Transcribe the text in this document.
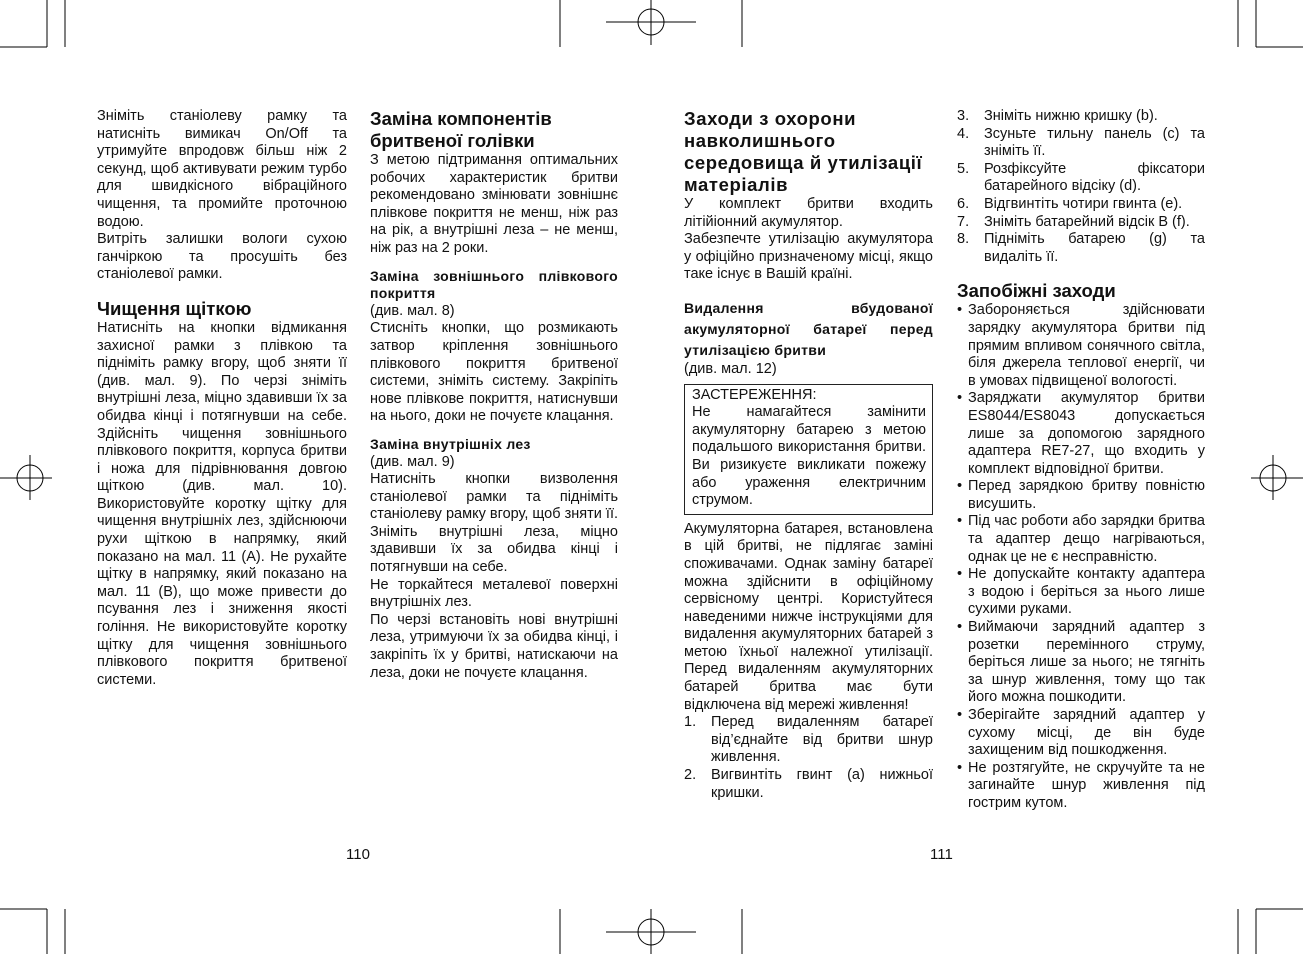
Зніміть станіолеву рамку та натисніть вимикач On/Off та утримуйте впродовж більш ніж 2 секунд, щоб активувати режим турбо для швидкісного вібраційного чищення, та промийте проточною водою.

Витріть залишки вологи сухою ганчіркою та просушіть без станіолевої рамки.

Чищення щіткою

Натисніть на кнопки відмикання захисної рамки з плівкою та підніміть рамку вгору, щоб зняти її (див. мал. 9). По черзі зніміть внутрішні леза, міцно здавивши їх за обидва кінці і потягнувши на себе. Здійсніть чищення зовнішнього плівкового покриття, корпуса бритви і ножа для підрівнювання довгою щіткою (див. мал. 10). Використовуйте коротку щітку для чищення внутрішніх лез, здійснюючи рухи щіткою в напрямку, який показано на мал. 11 (A). Не рухайте щітку в напрямку, який показано на мал. 11 (B), що може привести до псування лез і зниження якості гоління. Не використовуйте коротку щітку для чищення зовнішнього плівкового покриття бритвеної системи.

Заміна компонентів бритвеної голівки

З метою підтримання оптимальних робочих характеристик бритви рекомендовано змінювати зовнішнє плівкове покриття не менш, ніж раз на рік, а внутрішні леза – не менш, ніж раз на 2 роки.

Заміна зовнішнього плівкового покриття

(див. мал. 8)

Стисніть кнопки, що розмикають затвор кріплення зовнішнього плівкового покриття бритвеної системи, зніміть систему. Закріпіть нове плівкове покриття, натиснувши на нього, доки не почуєте клацання.

Заміна внутрішніх лез

(див. мал. 9)

Натисніть кнопки визволення станіолевої рамки та підніміть станіолеву рамку вгору, щоб зняти її. Зніміть внутрішні леза, міцно здавивши їх за обидва кінці і потягнувши на себе.

Не торкайтеся металевої поверхні внутрішніх лез.

По черзі встановіть нові внутрішні леза, утримуючи їх за обидва кінці, і закріпіть їх у бритві, натискаючи на леза, доки не почуєте клацання.

Заходи з охорони навколишнього середовища й утилізації матеріалів

У комплект бритви входить літійіонний акумулятор.

Забезпечте утилізацію акумулятора у офіційно призначеному місці, якщо таке існує в Вашій країні.

Видалення вбудованої акумуляторної батареї перед утилізацією бритви

(див. мал. 12)

ЗАСТЕРЕЖЕННЯ:

Не намагайтеся замінити акумуляторну батарею з метою подальшого використання бритви. Ви ризикуєте викликати пожежу або ураження електричним струмом.

Акумуляторна батарея, встановлена в цій бритві, не підлягає заміні споживачами. Однак заміну батареї можна здійснити в офіційному сервісному центрі. Користуйтеся наведеними нижче інструкціями для видалення акумуляторних батарей з метою їхньої належної утилізації. Перед видаленням акумуляторних батарей бритва має бути відключена від мережі живлення!

1. Перед видаленням батареї від’єднайте від бритви шнур живлення.
2. Вигвинтіть гвинт (a) нижньої кришки.
3. Зніміть нижню кришку (b).
4. Зсуньте тильну панель (c) та зніміть її.
5. Розфіксуйте фіксатори батарейного відсіку (d).
6. Відгвинтіть чотири гвинта (e).
7. Зніміть батарейний відсік B (f).
8. Підніміть батарею (g) та видаліть її.
Запобіжні заходи
• Забороняється здійснювати зарядку акумулятора бритви під прямим впливом сонячного світла, біля джерела теплової енергії, чи в умовах підвищеної вологості.
• Заряджати акумулятор бритви ES8044/ES8043 допускається лише за допомогою зарядного адаптера RE7-27, що входить у комплект відповідної бритви.
• Перед зарядкою бритву повністю висушить.
• Під час роботи або зарядки бритва та адаптер дещо нагріваються, однак це не є несправністю.
• Не допускайте контакту адаптера з водою і беріться за нього лише сухими руками.
• Виймаючи зарядний адаптер з розетки перемінного струму, беріться лише за нього; не тягніть за шнур живлення, тому що так його можна пошкодити.
• Зберігайте зарядний адаптер у сухому місці, де він буде захищеним від пошкодження.
• Не розтягуйте, не скручуйте та не загинайте шнур живлення під гострим кутом.
110	111
